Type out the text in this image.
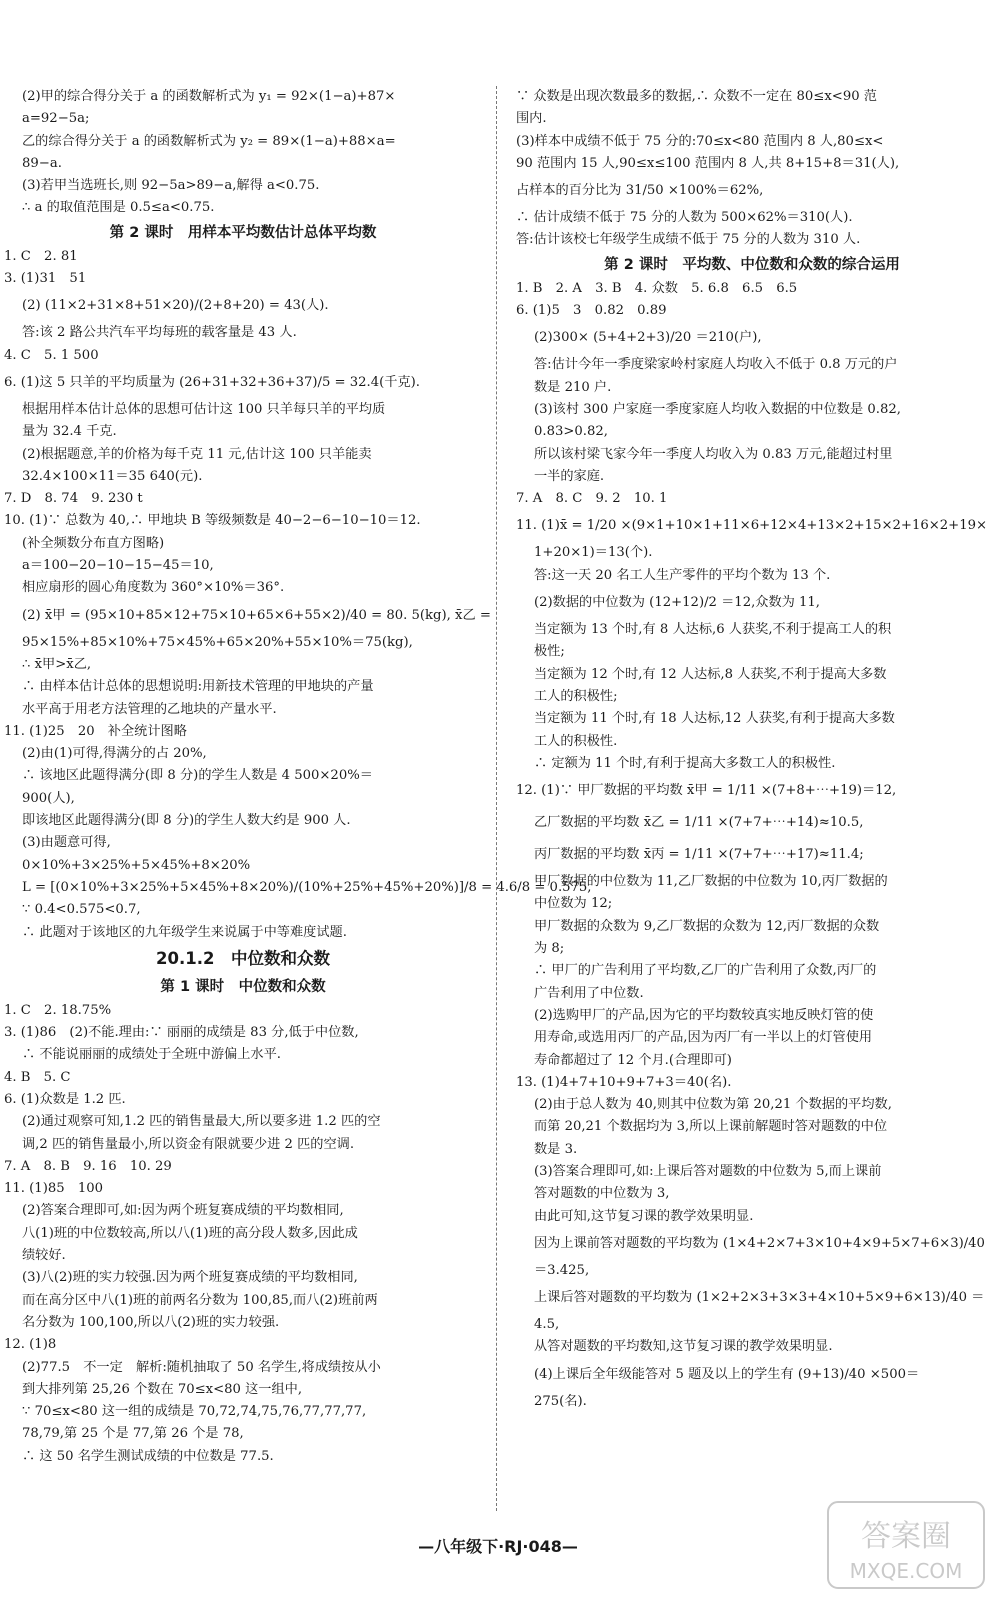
(2)甲的综合得分关于 a 的函数解析式为 y₁ = 92×(1−a)+87×
a=92−5a;
乙的综合得分关于 a 的函数解析式为 y₂ = 89×(1−a)+88×a=
89−a.
(3)若甲当选班长,则 92−5a>89−a,解得 a<0.75.
∴ a 的取值范围是 0.5≤a<0.75.
第 2 课时　用样本平均数估计总体平均数
1. C　2. 81
3. (1)31　51
(2) (11×2+31×8+51×20)/(2+8+20) = 43(人).
答:该 2 路公共汽车平均每班的载客量是 43 人.
4. C　5. 1 500
6. (1)这 5 只羊的平均质量为 (26+31+32+36+37)/5 = 32.4(千克).
根据用样本估计总体的思想可估计这 100 只羊每只羊的平均质
量为 32.4 千克.
(2)根据题意,羊的价格为每千克 11 元,估计这 100 只羊能卖
32.4×100×11＝35 640(元).
7. D　8. 74　9. 230 t
10. (1)∵ 总数为 40,∴ 甲地块 B 等级频数是 40−2−6−10−10＝12.
(补全频数分布直方图略)
a＝100−20−10−15−45＝10,
相应扇形的圆心角度数为 360°×10%＝36°.
(2) x̄甲 = (95×10+85×12+75×10+65×6+55×2)/40 = 80. 5(kg), x̄乙 =
95×15%+85×10%+75×45%+65×20%+55×10%＝75(kg),
∴ x̄甲>x̄乙,
∴ 由样本估计总体的思想说明:用新技术管理的甲地块的产量
水平高于用老方法管理的乙地块的产量水平.
11. (1)25　20　补全统计图略
(2)由(1)可得,得满分的占 20%,
∴ 该地区此题得满分(即 8 分)的学生人数是 4 500×20%＝
900(人),
即该地区此题得满分(即 8 分)的学生人数大约是 900 人.
(3)由题意可得,
0×10%+3×25%+5×45%+8×20%
L = [(0×10%+3×25%+5×45%+8×20%)/(10%+25%+45%+20%)]/8 = 4.6/8 = 0.575,
∵ 0.4<0.575<0.7,
∴ 此题对于该地区的九年级学生来说属于中等难度试题.
20.1.2　中位数和众数
第 1 课时　中位数和众数
1. C　2. 18.75%
3. (1)86　(2)不能.理由:∵ 丽丽的成绩是 83 分,低于中位数,
∴ 不能说丽丽的成绩处于全班中游偏上水平.
4. B　5. C
6. (1)众数是 1.2 匹.
(2)通过观察可知,1.2 匹的销售量最大,所以要多进 1.2 匹的空
调,2 匹的销售量最小,所以资金有限就要少进 2 匹的空调.
7. A　8. B　9. 16　10. 29
11. (1)85　100
(2)答案合理即可,如:因为两个班复赛成绩的平均数相同,
八(1)班的中位数较高,所以八(1)班的高分段人数多,因此成
绩较好.
(3)八(2)班的实力较强.因为两个班复赛成绩的平均数相同,
而在高分区中八(1)班的前两名分数为 100,85,而八(2)班前两
名分数为 100,100,所以八(2)班的实力较强.
12. (1)8
(2)77.5　不一定　解析:随机抽取了 50 名学生,将成绩按从小
到大排列第 25,26 个数在 70≤x<80 这一组中,
∵ 70≤x<80 这一组的成绩是 70,72,74,75,76,77,77,77,
78,79,第 25 个是 77,第 26 个是 78,
∴ 这 50 名学生测试成绩的中位数是 77.5.
∵ 众数是出现次数最多的数据,∴ 众数不一定在 80≤x<90 范
围内.
(3)样本中成绩不低于 75 分的:70≤x<80 范围内 8 人,80≤x<
90 范围内 15 人,90≤x≤100 范围内 8 人,共 8+15+8＝31(人),
占样本的百分比为 31/50 ×100%＝62%,
∴ 估计成绩不低于 75 分的人数为 500×62%＝310(人).
答:估计该校七年级学生成绩不低于 75 分的人数为 310 人.
第 2 课时　平均数、中位数和众数的综合运用
1. B　2. A　3. B　4. 众数　5. 6.8　6.5　6.5
6. (1)5　3　0.82　0.89
(2)300× (5+4+2+3)/20 ＝210(户),
答:估计今年一季度梁家岭村家庭人均收入不低于 0.8 万元的户
数是 210 户.
(3)该村 300 户家庭一季度家庭人均收入数据的中位数是 0.82,
0.83>0.82,
所以该村梁飞家今年一季度人均收入为 0.83 万元,能超过村里
一半的家庭.
7. A　8. C　9. 2　10. 1
11. (1)x̄ = 1/20 ×(9×1+10×1+11×6+12×4+13×2+15×2+16×2+19×
1+20×1)＝13(个).
答:这一天 20 名工人生产零件的平均个数为 13 个.
(2)数据的中位数为 (12+12)/2 ＝12,众数为 11,
当定额为 13 个时,有 8 人达标,6 人获奖,不利于提高工人的积
极性;
当定额为 12 个时,有 12 人达标,8 人获奖,不利于提高大多数
工人的积极性;
当定额为 11 个时,有 18 人达标,12 人获奖,有利于提高大多数
工人的积极性.
∴ 定额为 11 个时,有利于提高大多数工人的积极性.
12. (1)∵ 甲厂数据的平均数 x̄甲 = 1/11 ×(7+8+⋯+19)＝12,
乙厂数据的平均数 x̄乙 = 1/11 ×(7+7+⋯+14)≈10.5,
丙厂数据的平均数 x̄丙 = 1/11 ×(7+7+⋯+17)≈11.4;
甲厂数据的中位数为 11,乙厂数据的中位数为 10,丙厂数据的
中位数为 12;
甲厂数据的众数为 9,乙厂数据的众数为 12,丙厂数据的众数
为 8;
∴ 甲厂的广告利用了平均数,乙厂的广告利用了众数,丙厂的
广告利用了中位数.
(2)选购甲厂的产品,因为它的平均数较真实地反映灯管的使
用寿命,或选用丙厂的产品,因为丙厂有一半以上的灯管使用
寿命都超过了 12 个月.(合理即可)
13. (1)4+7+10+9+7+3＝40(名).
(2)由于总人数为 40,则其中位数为第 20,21 个数据的平均数,
而第 20,21 个数据均为 3,所以上课前解题时答对题数的中位
数是 3.
(3)答案合理即可,如:上课后答对题数的中位数为 5,而上课前
答对题数的中位数为 3,
由此可知,这节复习课的教学效果明显.
因为上课前答对题数的平均数为 (1×4+2×7+3×10+4×9+5×7+6×3)/40
＝3.425,
上课后答对题数的平均数为 (1×2+2×3+3×3+4×10+5×9+6×13)/40 ＝
4.5,
从答对题数的平均数知,这节复习课的教学效果明显.
(4)上课后全年级能答对 5 题及以上的学生有 (9+13)/40 ×500＝
275(名).
—八年级下·RJ·048—	答案圈
MXQE.COM
